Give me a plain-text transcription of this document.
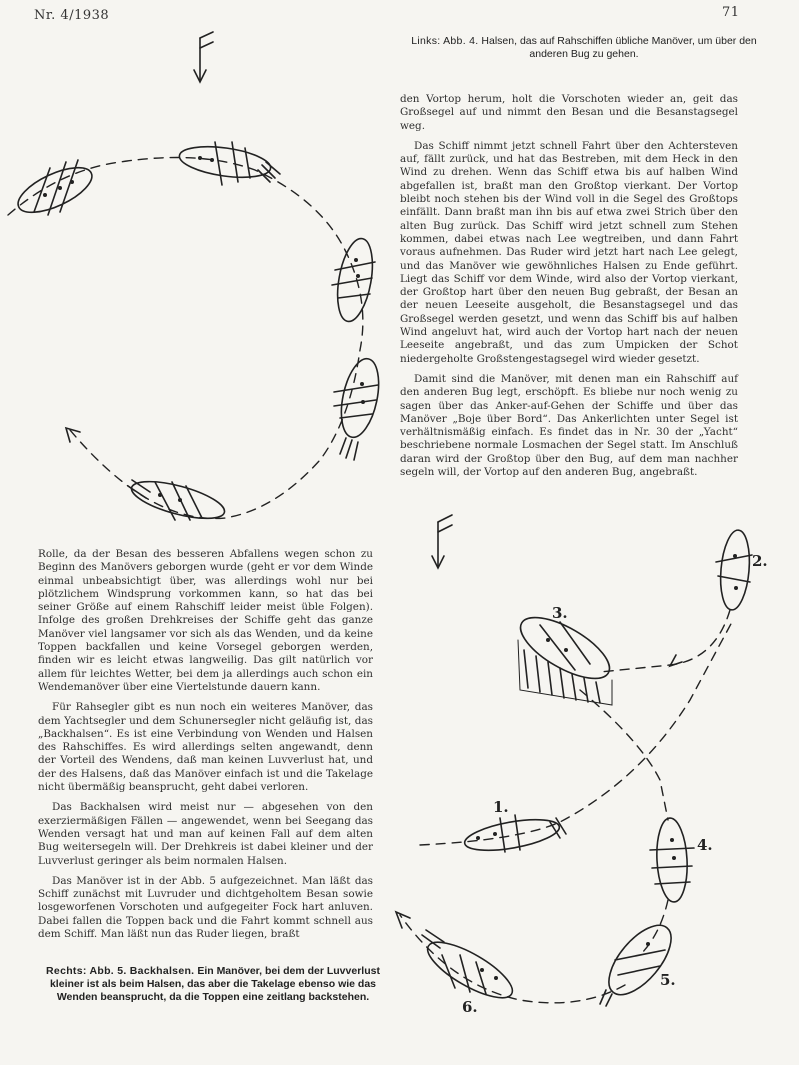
Nr. 4/1938	71
Links: Abb. 4. Halsen, das auf Rahschiffen übliche Manöver, um über den anderen Bug zu gehen.

den Vortop herum, holt die Vorschoten wieder an, geit das Großsegel auf und nimmt den Besan und die Besanstagsegel weg.

Das Schiff nimmt jetzt schnell Fahrt über den Achtersteven auf, fällt zurück, und hat das Bestreben, mit dem Heck in den Wind zu drehen. Wenn das Schiff etwa bis auf halben Wind abgefallen ist, braßt man den Großtop vierkant. Der Vortop bleibt noch stehen bis der Wind voll in die Segel des Großtops einfällt. Dann braßt man ihn bis auf etwa zwei Strich über den alten Bug zurück. Das Schiff wird jetzt schnell zum Stehen kommen, dabei etwas nach Lee wegtreiben, und dann Fahrt voraus aufnehmen. Das Ruder wird jetzt hart nach Lee gelegt, und das Manöver wie gewöhnliches Halsen zu Ende geführt. Liegt das Schiff vor dem Winde, wird also der Vortop vierkant, der Großtop hart über den neuen Bug gebraßt, der Besan an der neuen Leeseite ausgeholt, die Besanstagsegel und das Großsegel werden gesetzt, und wenn das Schiff bis auf halben Wind angeluvt hat, wird auch der Vortop hart nach der neuen Leeseite angebraßt, und das zum Umpicken der Schot niedergeholte Großstengestagsegel wird wieder gesetzt.

Damit sind die Manöver, mit denen man ein Rahschiff auf den anderen Bug legt, erschöpft. Es bliebe nur noch wenig zu sagen über das Anker-auf-Gehen der Schiffe und über das Manöver „Boje über Bord“. Das Ankerlichten unter Segel ist verhältnismäßig einfach. Es findet das in Nr. 30 der „Yacht“ beschriebene normale Losmachen der Segel statt. Im Anschluß daran wird der Großtop über den Bug, auf dem man nachher segeln will, der Vortop auf den anderen Bug, angebraßt.

Rolle, da der Besan des besseren Abfallens wegen schon zu Beginn des Manövers geborgen wurde (geht er vor dem Winde einmal unbeabsichtigt über, was allerdings wohl nur bei plötzlichem Windsprung vorkommen kann, so hat das bei seiner Größe auf einem Rahschiff leider meist üble Folgen). Infolge des großen Drehkreises der Schiffe geht das ganze Manöver viel langsamer vor sich als das Wenden, und da keine Toppen backfallen und keine Vorsegel geborgen werden, finden wir es leicht etwas langweilig. Das gilt natürlich vor allem für leichtes Wetter, bei dem ja allerdings auch schon ein Wendemanöver über eine Viertelstunde dauern kann.

Für Rahsegler gibt es nun noch ein weiteres Manöver, das dem Yachtsegler und dem Schunersegler nicht geläufig ist, das „Backhalsen“. Es ist eine Verbindung von Wenden und Halsen des Rahschiffes. Es wird allerdings selten angewandt, denn der Vorteil des Wendens, daß man keinen Luvverlust hat, und der des Halsens, daß das Manöver einfach ist und die Takelage nicht übermäßig beansprucht, geht dabei verloren.

Das Backhalsen wird meist nur — abgesehen von den exerziermäßigen Fällen — angewendet, wenn bei Seegang das Wenden versagt hat und man auf keinen Fall auf dem alten Bug weitersegeln will. Der Drehkreis ist dabei kleiner und der Luvverlust geringer als beim normalen Halsen.

Das Manöver ist in der Abb. 5 aufgezeichnet. Man läßt das Schiff zunächst mit Luvruder und dichtgeholtem Besan sowie losgeworfenen Vorschoten und aufgegeiter Fock hart anluven. Dabei fallen die Toppen back und die Fahrt kommt schnell aus dem Schiff. Man läßt nun das Ruder liegen, braßt

Rechts: Abb. 5. Backhalsen. Ein Manöver, bei dem der Luvverlust kleiner ist als beim Halsen, das aber die Takelage ebenso wie das Wenden beansprucht, da die Toppen eine zeitlang backstehen.
2.
3.
1.
4.
5.
6.
